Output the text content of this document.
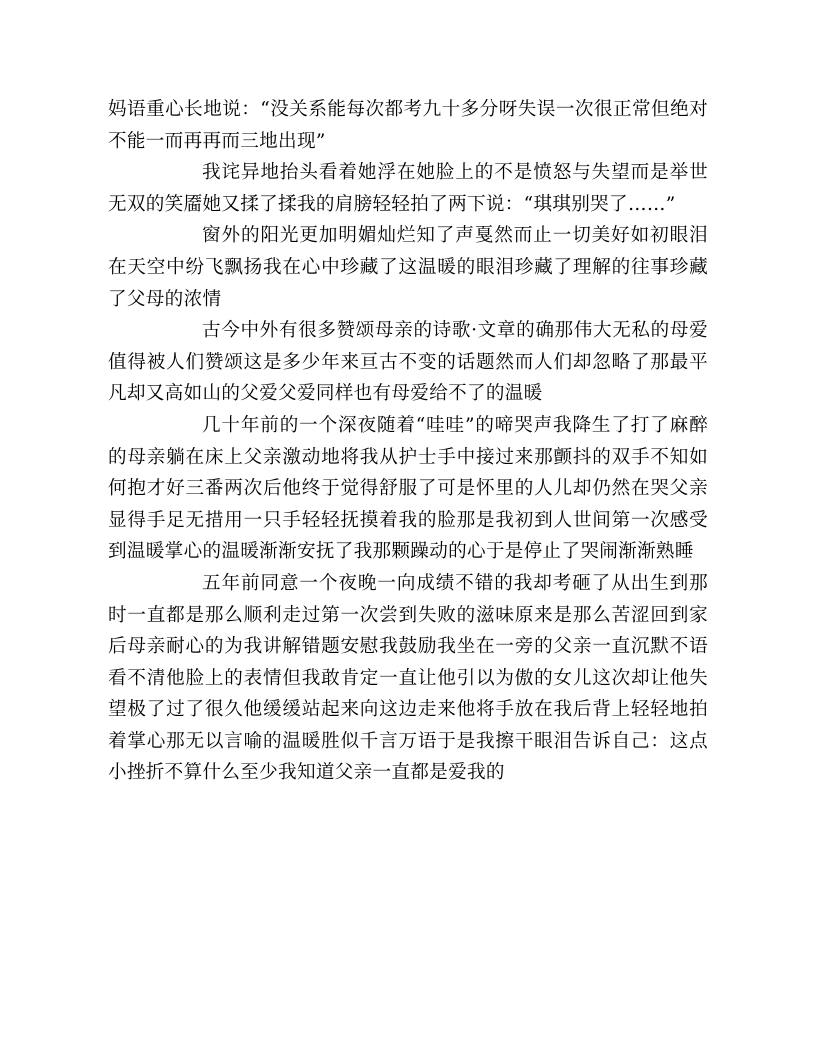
妈语重心长地说：“没关系能每次都考九十多分呀失误一次很正常但绝对不能一而再再而三地出现”

我诧异地抬头看着她浮在她脸上的不是愤怒与失望而是举世无双的笑靥她又揉了揉我的肩膀轻轻拍了两下说：“琪琪别哭了……”

窗外的阳光更加明媚灿烂知了声戛然而止一切美好如初眼泪在天空中纷飞飘扬我在心中珍藏了这温暖的眼泪珍藏了理解的往事珍藏了父母的浓情

古今中外有很多赞颂母亲的诗歌·文章的确那伟大无私的母爱值得被人们赞颂这是多少年来亘古不变的话题然而人们却忽略了那最平凡却又高如山的父爱父爱同样也有母爱给不了的温暖

几十年前的一个深夜随着“哇哇”的啼哭声我降生了打了麻醉的母亲躺在床上父亲激动地将我从护士手中接过来那颤抖的双手不知如何抱才好三番两次后他终于觉得舒服了可是怀里的人儿却仍然在哭父亲显得手足无措用一只手轻轻抚摸着我的脸那是我初到人世间第一次感受到温暖掌心的温暖渐渐安抚了我那颗躁动的心于是停止了哭闹渐渐熟睡

五年前同意一个夜晚一向成绩不错的我却考砸了从出生到那时一直都是那么顺利走过第一次尝到失败的滋味原来是那么苦涩回到家后母亲耐心的为我讲解错题安慰我鼓励我坐在一旁的父亲一直沉默不语看不清他脸上的表情但我敢肯定一直让他引以为傲的女儿这次却让他失望极了过了很久他缓缓站起来向这边走来他将手放在我后背上轻轻地拍着掌心那无以言喻的温暖胜似千言万语于是我擦干眼泪告诉自己：这点小挫折不算什么至少我知道父亲一直都是爱我的
